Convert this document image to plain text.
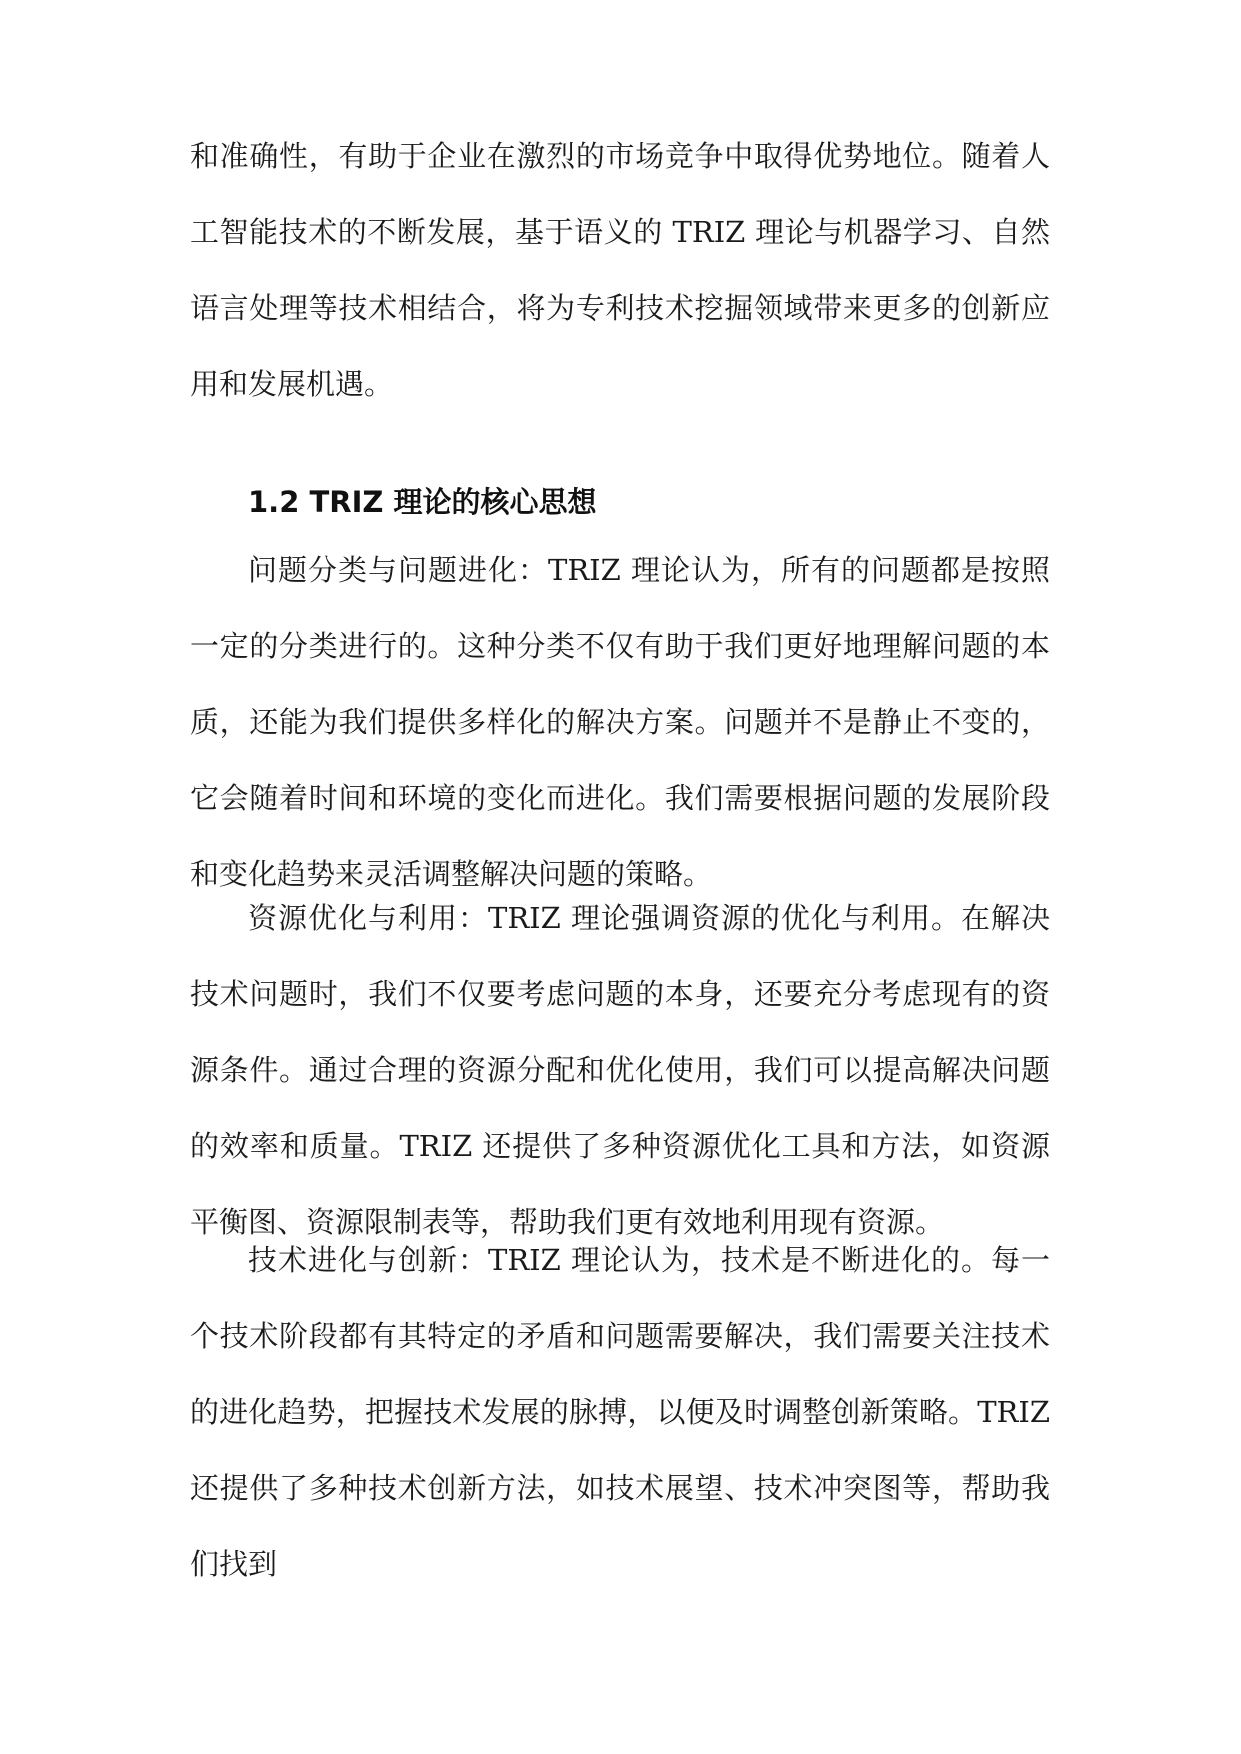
和准确性，有助于企业在激烈的市场竞争中取得优势地位。随着人工智能技术的不断发展，基于语义的 TRIZ 理论与机器学习、自然语言处理等技术相结合，将为专利技术挖掘领域带来更多的创新应用和发展机遇。

1.2 TRIZ 理论的核心思想

问题分类与问题进化：TRIZ 理论认为，所有的问题都是按照一定的分类进行的。这种分类不仅有助于我们更好地理解问题的本质，还能为我们提供多样化的解决方案。问题并不是静止不变的，它会随着时间和环境的变化而进化。我们需要根据问题的发展阶段和变化趋势来灵活调整解决问题的策略。

资源优化与利用：TRIZ 理论强调资源的优化与利用。在解决技术问题时，我们不仅要考虑问题的本身，还要充分考虑现有的资源条件。通过合理的资源分配和优化使用，我们可以提高解决问题的效率和质量。TRIZ 还提供了多种资源优化工具和方法，如资源平衡图、资源限制表等，帮助我们更有效地利用现有资源。

技术进化与创新：TRIZ 理论认为，技术是不断进化的。每一个技术阶段都有其特定的矛盾和问题需要解决，我们需要关注技术的进化趋势，把握技术发展的脉搏，以便及时调整创新策略。TRIZ 还提供了多种技术创新方法，如技术展望、技术冲突图等，帮助我们找到
